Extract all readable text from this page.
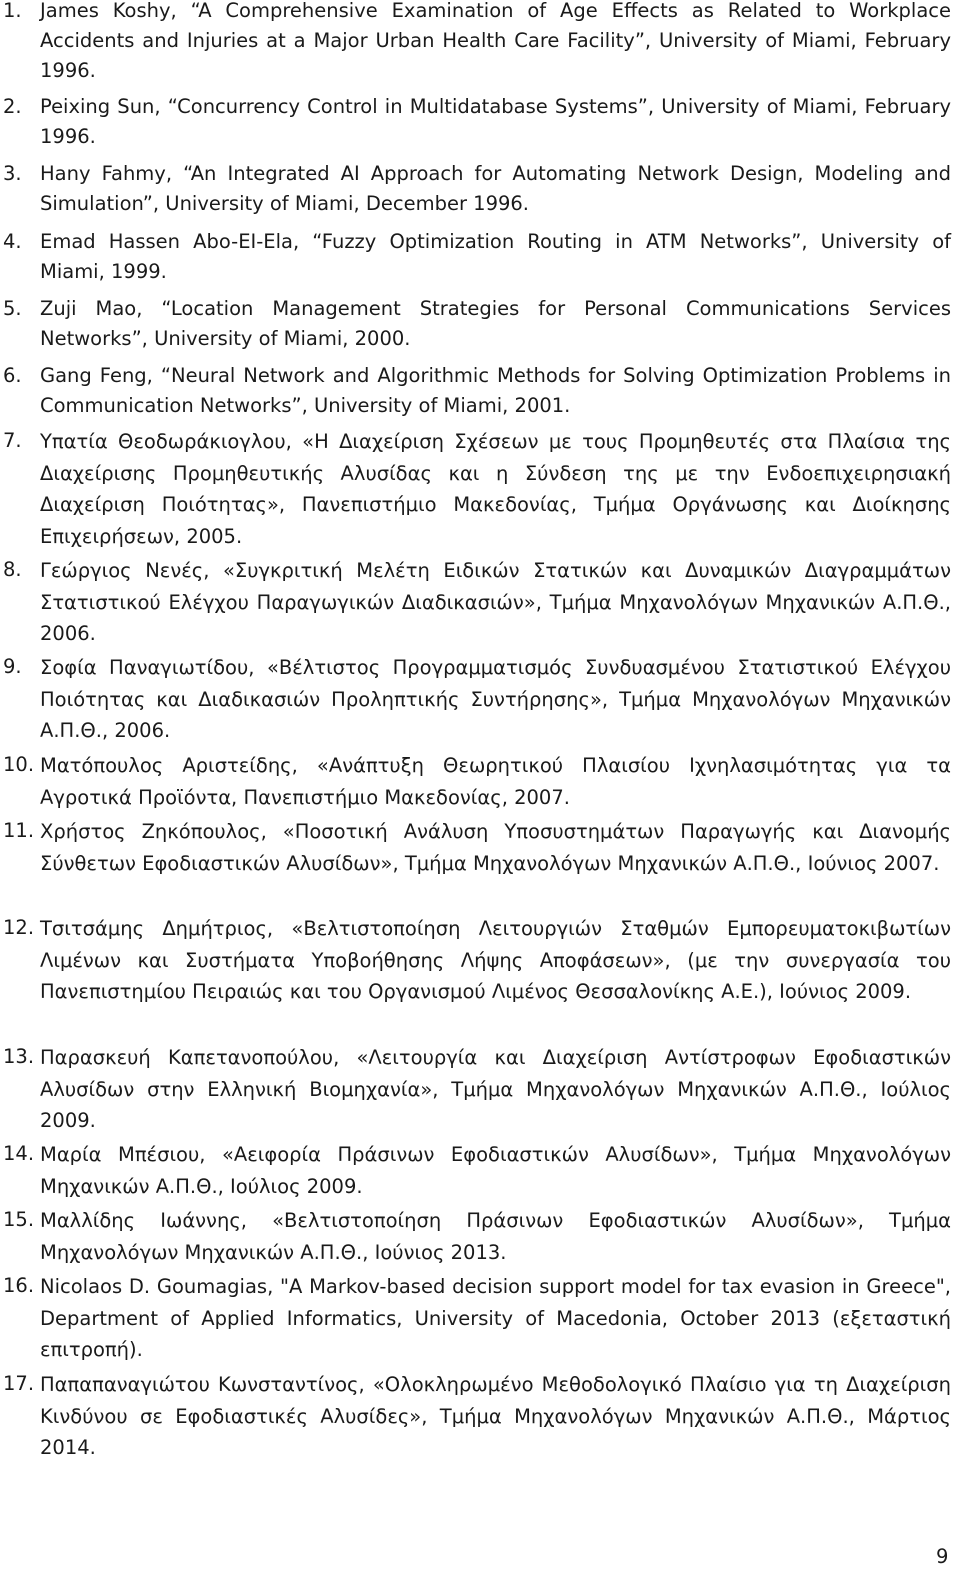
1. James Koshy, “A Comprehensive Examination of Age Effects as Related to Workplace Accidents and Injuries at a Major Urban Health Care Facility”, University of Miami, February 1996.
2. Peixing Sun, “Concurrency Control in Multidatabase Systems”, University of Miami, February 1996.
3. Hany Fahmy, “An Integrated AI Approach for Automating Network Design, Modeling and Simulation”, University of Miami, December 1996.
4. Emad Hassen Abo-EI-Ela, “Fuzzy Optimization Routing in ATM Networks”, University of Miami, 1999.
5. Zuji Mao, “Location Management Strategies for Personal Communications Services Networks”, University of Miami, 2000.
6. Gang Feng, “Neural Network and Algorithmic Methods for Solving Optimization Problems in Communication Networks”, University of Miami, 2001.
7. Υπατία Θεοδωράκιογλου, «Η Διαχείριση Σχέσεων με τους Προμηθευτές στα Πλαίσια της Διαχείρισης Προμηθευτικής Αλυσίδας και η Σύνδεση της με την Ενδοεπιχειρησιακή Διαχείριση Ποιότητας», Πανεπιστήμιο Μακεδονίας, Τμήμα Οργάνωσης και Διοίκησης Επιχειρήσεων, 2005.
8. Γεώργιος Νενές, «Συγκριτική Μελέτη Ειδικών Στατικών και Δυναμικών Διαγραμμάτων Στατιστικού Ελέγχου Παραγωγικών Διαδικασιών», Τμήμα Μηχανολόγων Μηχανικών Α.Π.Θ., 2006.
9. Σοφία Παναγιωτίδου, «Βέλτιστος Προγραμματισμός Συνδυασμένου Στατιστικού Ελέγχου Ποιότητας και Διαδικασιών Προληπτικής Συντήρησης», Τμήμα Μηχανολόγων Μηχανικών Α.Π.Θ., 2006.
10. Ματόπουλος Αριστείδης, «Ανάπτυξη Θεωρητικού Πλαισίου Ιχνηλασιμότητας για τα Αγροτικά Προϊόντα, Πανεπιστήμιο Μακεδονίας, 2007.
11. Χρήστος Ζηκόπουλος, «Ποσοτική Ανάλυση Υποσυστημάτων Παραγωγής και Διανομής Σύνθετων Εφοδιαστικών Αλυσίδων», Τμήμα Μηχανολόγων Μηχανικών Α.Π.Θ., Ιούνιος 2007.
12. Τσιτσάμης Δημήτριος, «Βελτιστοποίηση Λειτουργιών Σταθμών Εμπορευματοκιβωτίων Λιμένων και Συστήματα Υποβοήθησης Λήψης Αποφάσεων», (με την συνεργασία του Πανεπιστημίου Πειραιώς και του Οργανισμού Λιμένος Θεσσαλονίκης Α.Ε.), Ιούνιος 2009.
13. Παρασκευή Καπετανοπούλου, «Λειτουργία και Διαχείριση Αντίστροφων Εφοδιαστικών Αλυσίδων στην Ελληνική Βιομηχανία», Τμήμα Μηχανολόγων Μηχανικών Α.Π.Θ., Ιούλιος 2009.
14. Μαρία Μπέσιου, «Αειφορία Πράσινων Εφοδιαστικών Αλυσίδων», Τμήμα Μηχανολόγων Μηχανικών Α.Π.Θ., Ιούλιος 2009.
15. Μαλλίδης Ιωάννης, «Βελτιστοποίηση Πράσινων Εφοδιαστικών Αλυσίδων», Τμήμα Μηχανολόγων Μηχανικών Α.Π.Θ., Ιούνιος 2013.
16. Nicolaos D. Goumagias, "A Markov-based decision support model for tax evasion in Greece", Department of Applied Informatics, University of Macedonia, October 2013 (εξεταστική επιτροπή).
17. Παπαπαναγιώτου Κωνσταντίνος, «Ολοκληρωμένο Μεθοδολογικό Πλαίσιο για τη Διαχείριση Κινδύνου σε Εφοδιαστικές Αλυσίδες», Τμήμα Μηχανολόγων Μηχανικών Α.Π.Θ., Μάρτιος 2014.
9
